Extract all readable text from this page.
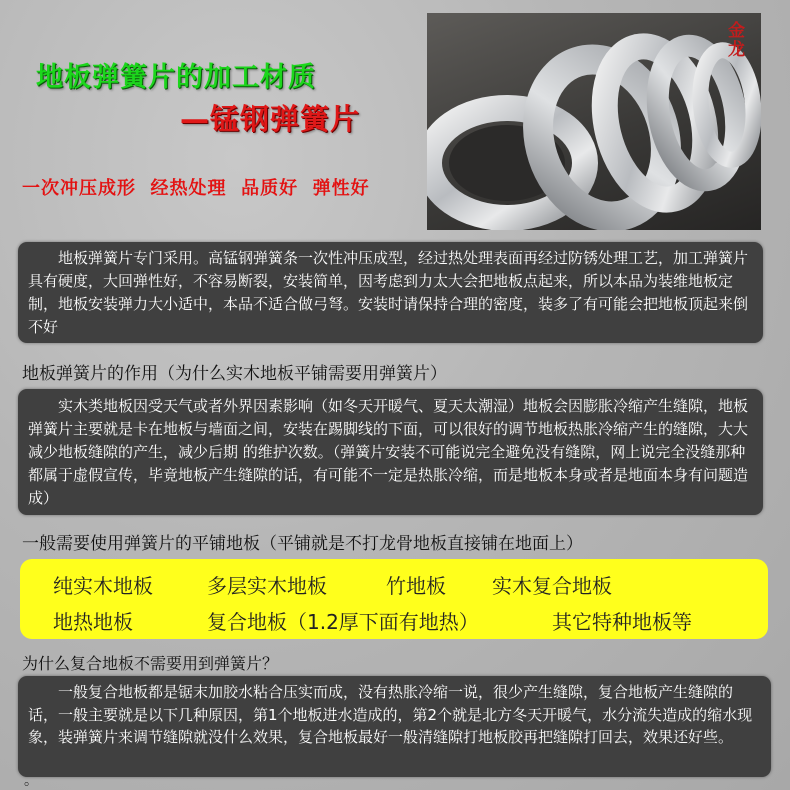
地板弹簧片的加工材质
—锰钢弹簧片
一次冲压成形  经热处理  品质好  弹性好
金龙

地板弹簧片专门采用。高锰钢弹簧条一次性冲压成型，经过热处理表面再经过防锈处理工艺，加工弹簧片具有硬度，大回弹性好，不容易断裂，安装简单，因考虑到力太大会把地板点起来，所以本品为装维地板定制，地板安装弹力大小适中，本品不适合做弓弩。安装时请保持合理的密度，装多了有可能会把地板顶起来倒不好

地板弹簧片的作用（为什么实木地板平铺需要用弹簧片）

实木类地板因受天气或者外界因素影响（如冬天开暖气、夏天太潮湿）地板会因膨胀冷缩产生缝隙，地板弹簧片主要就是卡在地板与墙面之间，安装在踢脚线的下面，可以很好的调节地板热胀冷缩产生的缝隙，大大减少地板缝隙的产生，减少后期 的维护次数。（弹簧片安装不可能说完全避免没有缝隙，网上说完全没缝那种都属于虚假宣传，毕竟地板产生缝隙的话，有可能不一定是热胀冷缩，而是地板本身或者是地面本身有问题造成）

一般需要使用弹簧片的平铺地板（平铺就是不打龙骨地板直接铺在地面上）
纯实木地板	多层实木地板	竹地板 实木复合地板
地热地板	复合地板（1.2厚下面有地热）	其它特种地板等
为什么复合地板不需要用到弹簧片？

一般复合地板都是锯末加胶水粘合压实而成，没有热胀冷缩一说，很少产生缝隙，复合地板产生缝隙的话，一般主要就是以下几种原因，第1个地板进水造成的，第2个就是北方冬天开暖气，水分流失造成的缩水现象，装弹簧片来调节缝隙就没什么效果，复合地板最好一般清缝隙打地板胶再把缝隙打回去，效果还好些。

。
